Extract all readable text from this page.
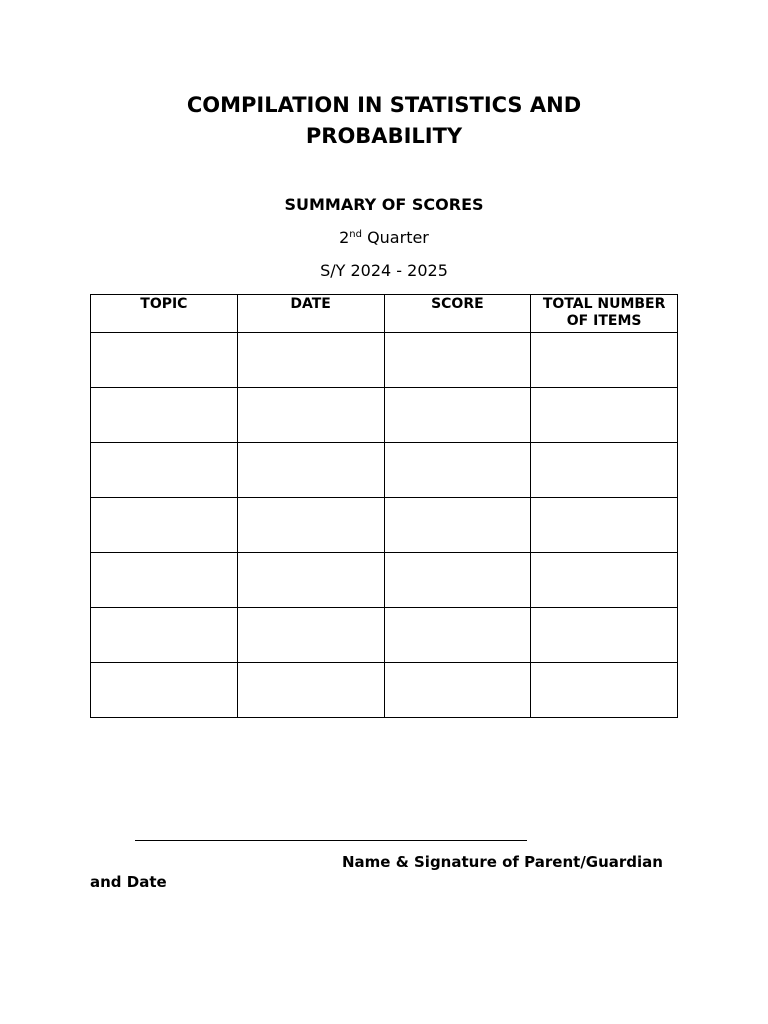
COMPILATION IN STATISTICS AND
PROBABILITY
SUMMARY OF SCORES
2nd Quarter
S/Y 2024 - 2025
TOPIC	DATE	SCORE	TOTAL NUMBER OF ITEMS

Name & Signature of Parent/Guardian and Date
